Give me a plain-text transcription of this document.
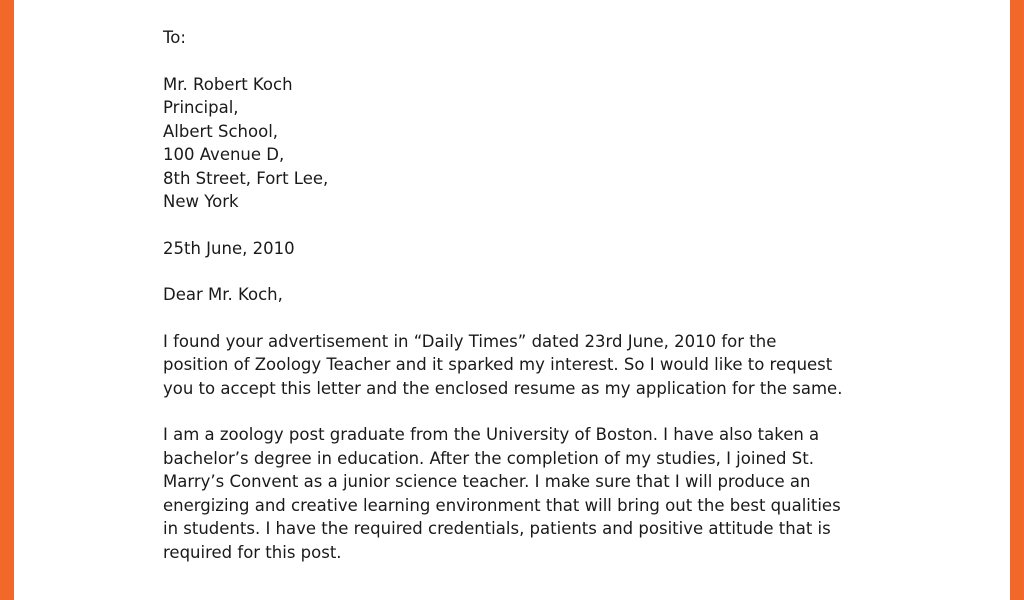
To:
Mr. Robert Koch
Principal,
Albert School,
100 Avenue D,
8th Street, Fort Lee,
New York
25th June, 2010
Dear Mr. Koch,

I found your advertisement in “Daily Times” dated 23rd June, 2010 for the position of Zoology Teacher and it sparked my interest. So I would like to request you to accept this letter and the enclosed resume as my application for the same.

I am a zoology post graduate from the University of Boston. I have also taken a bachelor’s degree in education. After the completion of my studies, I joined St. Marry’s Convent as a junior science teacher. I make sure that I will produce an energizing and creative learning environment that will bring out the best qualities in students. I have the required credentials, patients and positive attitude that is required for this post.
